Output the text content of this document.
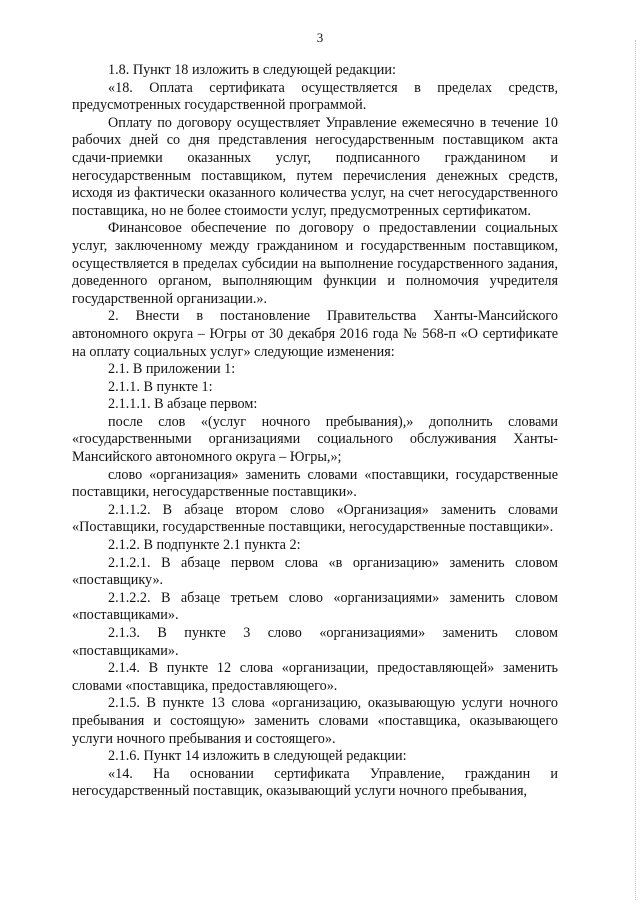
3

1.8. Пункт 18 изложить в следующей редакции:

«18. Оплата сертификата осуществляется в пределах средств, предусмотренных государственной программой.

Оплату по договору осуществляет Управление ежемесячно в течение 10 рабочих дней со дня представления негосударственным поставщиком акта сдачи-приемки оказанных услуг, подписанного гражданином и негосударственным поставщиком, путем перечисления денежных средств, исходя из фактически оказанного количества услуг, на счет негосударственного поставщика, но не более стоимости услуг, предусмотренных сертификатом.

Финансовое обеспечение по договору о предоставлении социальных услуг, заключенному между гражданином и государственным поставщиком, осуществляется в пределах субсидии на выполнение государственного задания, доведенного органом, выполняющим функции и полномочия учредителя государственной организации.».

2. Внести в постановление Правительства Ханты-Мансийского автономного округа – Югры от 30 декабря 2016 года № 568-п «О сертификате на оплату социальных услуг» следующие изменения:

2.1. В приложении 1:

2.1.1. В пункте 1:

2.1.1.1. В абзаце первом:

после слов «(услуг ночного пребывания),» дополнить словами «государственными организациями социального обслуживания Ханты-Мансийского автономного округа – Югры,»;

слово «организация» заменить словами «поставщики, государственные поставщики, негосударственные поставщики».

2.1.1.2. В абзаце втором слово «Организация» заменить словами «Поставщики, государственные поставщики, негосударственные поставщики».

2.1.2. В подпункте 2.1 пункта 2:

2.1.2.1. В абзаце первом слова «в организацию» заменить словом «поставщику».

2.1.2.2. В абзаце третьем слово «организациями» заменить словом «поставщиками».

2.1.3. В пункте 3 слово «организациями» заменить словом «поставщиками».

2.1.4. В пункте 12 слова «организации, предоставляющей» заменить словами «поставщика, предоставляющего».

2.1.5. В пункте 13 слова «организацию, оказывающую услуги ночного пребывания и состоящую» заменить словами «поставщика, оказывающего услуги ночного пребывания и состоящего».

2.1.6. Пункт 14 изложить в следующей редакции:

«14. На основании сертификата Управление, гражданин и негосударственный поставщик, оказывающий услуги ночного пребывания,
